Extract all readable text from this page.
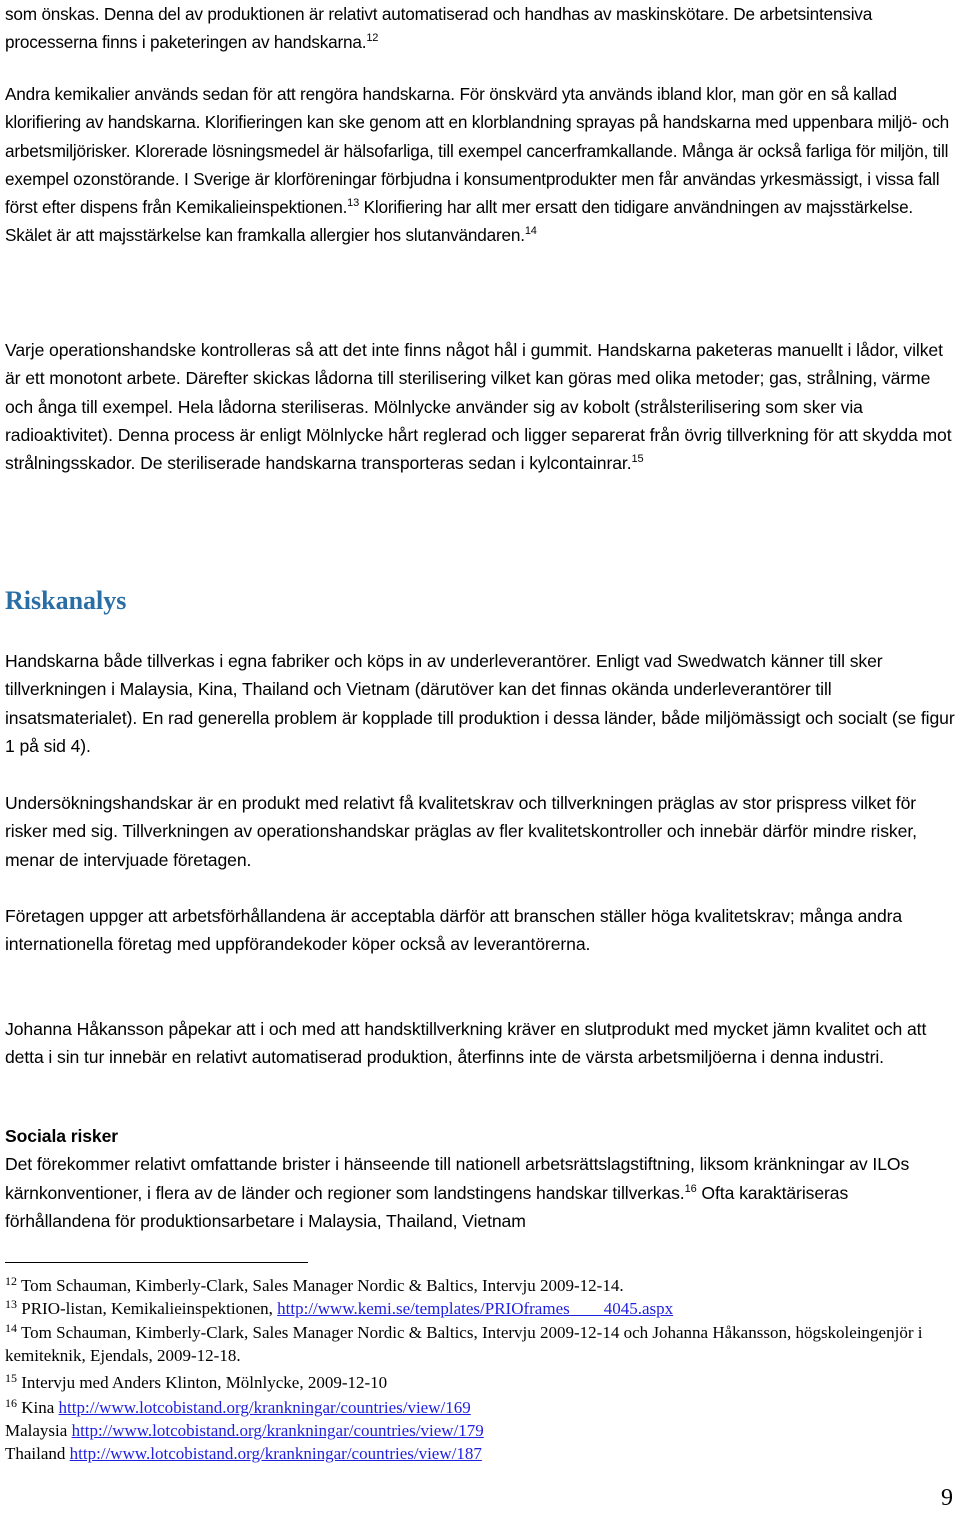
som önskas. Denna del av produktionen är relativt automatiserad och handhas av maskinskötare. De arbetsintensiva processerna finns i paketeringen av handskarna.$^{12}$

Andra kemikalier används sedan för att rengöra handskarna. För önskvärd yta används ibland klor, man gör en så kallad klorifiering av handskarna. Klorifieringen kan ske genom att en klorblandning sprayas på handskarna med uppenbara miljö- och arbetsmiljörisker. Klorerade lösningsmedel är hälsofarliga, till exempel cancerframkallande. Många är också farliga för miljön, till exempel ozonstörande. I Sverige är klorföreningar förbjudna i konsumentprodukter men får användas yrkesmässigt, i vissa fall först efter dispens från Kemikalieinspektionen.$^{13}$ Klorifiering har allt mer ersatt den tidigare användningen av majsstärkelse. Skälet är att majsstärkelse kan framkalla allergier hos slutanvändaren.$^{14}$

Varje operationshandske kontrolleras så att det inte finns något hål i gummit. Handskarna paketeras manuellt i lådor, vilket är ett monotont arbete. Därefter skickas lådorna till sterilisering vilket kan göras med olika metoder; gas, strålning, värme och ånga till exempel. Hela lådorna steriliseras. Mölnlycke använder sig av kobolt (strålsterilisering som sker via radioaktivitet). Denna process är enligt Mölnlycke hårt reglerad och ligger separerat från övrig tillverkning för att skydda mot strålningsskador. De steriliserade handskarna transporteras sedan i kylcontainrar.$^{15}$

Riskanalys

Handskarna både tillverkas i egna fabriker och köps in av underleverantörer. Enligt vad Swedwatch känner till sker tillverkningen i Malaysia, Kina, Thailand och Vietnam (därutöver kan det finnas okända underleverantörer till insatsmaterialet). En rad generella problem är kopplade till produktion i dessa länder, både miljömässigt och socialt (se figur 1 på sid 4).

Undersökningshandskar är en produkt med relativt få kvalitetskrav och tillverkningen präglas av stor prispress vilket för risker med sig. Tillverkningen av operationshandskar präglas av fler kvalitetskontroller och innebär därför mindre risker, menar de intervjuade företagen.

Företagen uppger att arbetsförhållandena är acceptabla därför att branschen ställer höga kvalitetskrav; många andra internationella företag med uppförandekoder köper också av leverantörerna.

Johanna Håkansson påpekar att i och med att handsktillverkning kräver en slutprodukt med mycket jämn kvalitet och att detta i sin tur innebär en relativt automatiserad produktion, återfinns inte de värsta arbetsmiljöerna i denna industri.

Sociala risker
Det förekommer relativt omfattande brister i hänseende till nationell arbetsrättslagstiftning, liksom kränkningar av ILOs kärnkonventioner, i flera av de länder och regioner som landstingens handskar tillverkas.$^{16}$ Ofta karaktäriseras förhållandena för produktionsarbetare i Malaysia, Thailand, Vietnam

$^{12}$ Tom Schauman, Kimberly-Clark, Sales Manager Nordic & Baltics, Intervju 2009-12-14.

$^{13}$ PRIO-listan, Kemikalieinspektionen, http://www.kemi.se/templates/PRIOframes____4045.aspx

$^{14}$ Tom Schauman, Kimberly-Clark, Sales Manager Nordic & Baltics, Intervju 2009-12-14 och Johanna Håkansson, högskoleingenjör i kemiteknik, Ejendals, 2009-12-18.

$^{15}$ Intervju med Anders Klinton, Mölnlycke, 2009-12-10

$^{16}$ Kina http://www.lotcobistand.org/krankningar/countries/view/169
Malaysia http://www.lotcobistand.org/krankningar/countries/view/179
Thailand http://www.lotcobistand.org/krankningar/countries/view/187

9
